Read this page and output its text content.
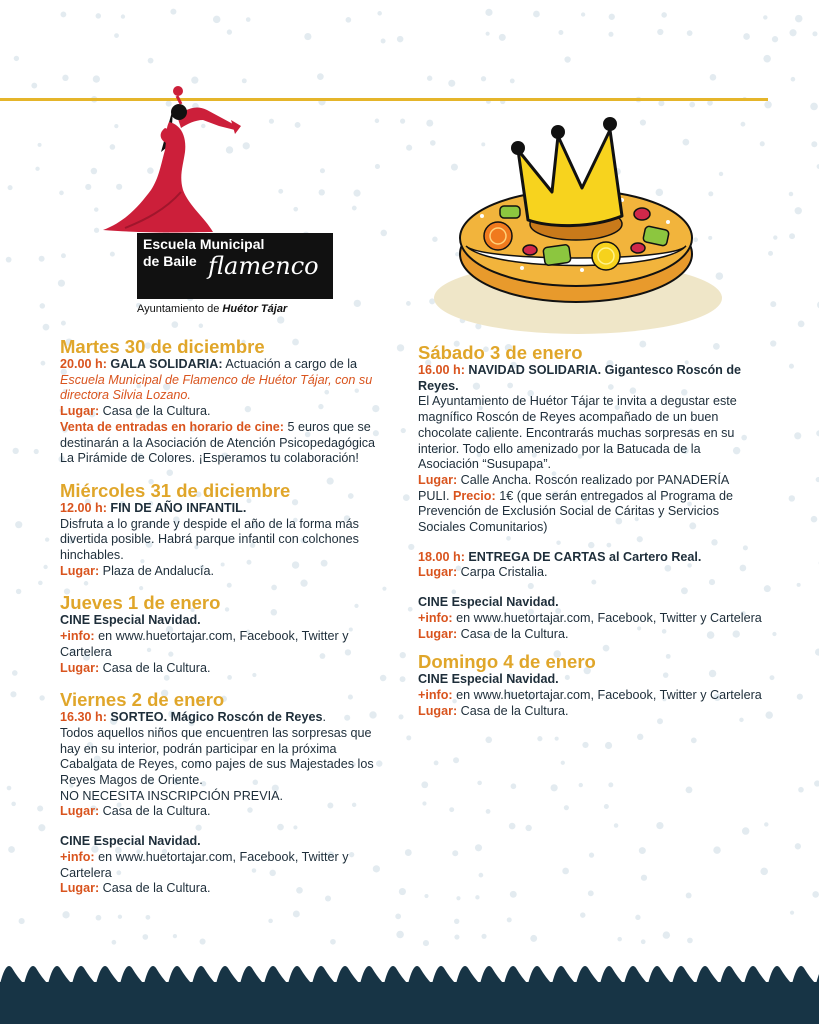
Escuela Municipal
de Baile flamenco
Ayuntamiento de Huétor Tájar

Martes 30 de diciembre

20.00 h: GALA SOLIDARIA: Actuación a cargo de la Escuela Municipal de Flamenco de Huétor Tájar, con su directora Silvia Lozano.

Lugar: Casa de la Cultura.

Venta de entradas en horario de cine: 5 euros que se destinarán a la Asociación de Atención Psicopedagógica La Pirámide de Colores. ¡Esperamos tu colaboración!

Miércoles 31 de diciembre

12.00 h: FIN DE AÑO INFANTIL.

Disfruta a lo grande y despide el año de la forma más divertida posible. Habrá parque infantil con colchones hinchables.

Lugar: Plaza de Andalucía.

Jueves 1 de enero

CINE Especial Navidad.

+info: en www.huetortajar.com, Facebook, Twitter y Cartelera

Lugar: Casa de la Cultura.

Viernes 2 de enero

16.30 h: SORTEO. Mágico Roscón de Reyes.

Todos aquellos niños que encuentren las sorpresas que hay en su interior, podrán participar en la próxima Cabalgata de Reyes, como pajes de sus Majestades los Reyes Magos de Oriente.

NO NECESITA INSCRIPCIÓN PREVIA.

Lugar: Casa de la Cultura.

CINE Especial Navidad.

+info: en www.huetortajar.com, Facebook, Twitter y Cartelera

Lugar: Casa de la Cultura.

Sábado 3 de enero

16.00 h: NAVIDAD SOLIDARIA. Gigantesco Roscón de Reyes.

El Ayuntamiento de Huétor Tájar te invita a degustar este magnífico Roscón de Reyes acompañado de un buen chocolate caliente. Encontrarás muchas sorpresas en su interior. Todo ello amenizado por la Batucada de la Asociación “Susupapa”.

Lugar: Calle Ancha. Roscón realizado por PANADERÍA PULI. Precio: 1€ (que serán entregados al Programa de Prevención de Exclusión Social de Cáritas y Servicios Sociales Comunitarios)

18.00 h: ENTREGA DE CARTAS al Cartero Real.

Lugar: Carpa Cristalia.

CINE Especial Navidad.

+info: en www.huetortajar.com, Facebook, Twitter y Cartelera

Lugar: Casa de la Cultura.

Domingo 4 de enero

CINE Especial Navidad.

+info: en www.huetortajar.com, Facebook, Twitter y Cartelera

Lugar: Casa de la Cultura.
